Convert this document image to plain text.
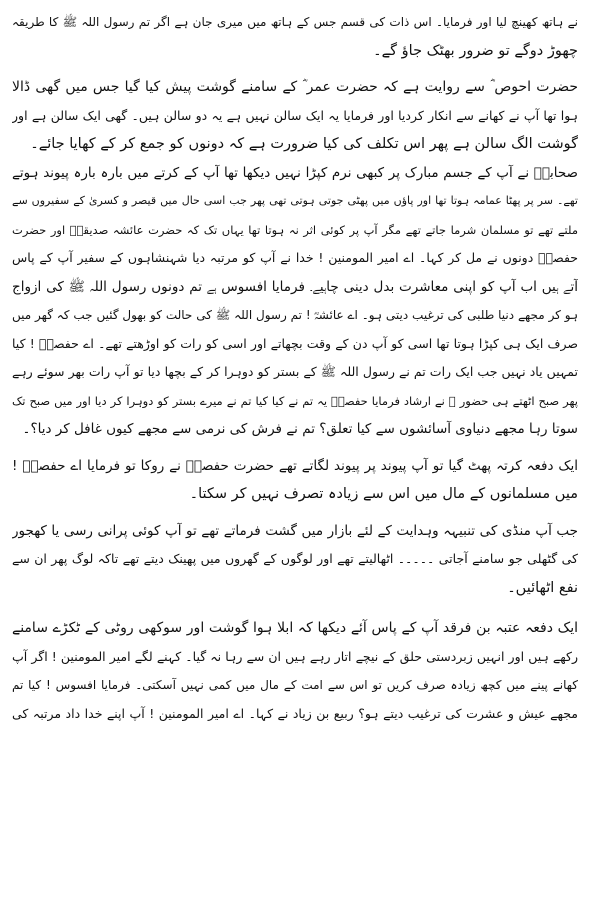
نے ہاتھ کھینچ لیا اور فرمایا۔ اس ذات کی قسم جس کے ہاتھ میں میری جان ہے اگر تم رسول اللہ ﷺ کا طریقہ
چھوڑ دوگے تو ضرور بھٹک جاؤ گے۔
حضرت احوص ؓ سے روایت ہے کہ حضرت عمر ؓ کے سامنے گوشت پیش کیا گیا جس میں گھی ڈالا
ہوا تھا آپ نے کھانے سے انکار کردیا اور فرمایا یہ ایک سالن نہیں ہے یہ دو سالن ہیں۔ گھی ایک سالن ہے اور
گوشت الگ سالن ہے پھر اس تکلف کی کیا ضرورت ہے کہ دونوں کو جمع کر کے کھایا جائے۔
صحابہؓ نے آپ کے جسم مبارک پر کبھی نرم کپڑا نہیں دیکھا تھا آپ کے کرتے میں بارہ بارہ پیوند ہوتے
تھے۔ سر پر پھٹا عمامہ ہوتا تھا اور پاؤں میں پھٹی جوتی ہوتی تھی پھر جب اسی حال میں قیصر و کسریٰ کے سفیروں سے
ملتے تھے تو مسلمان شرما جاتے تھے مگر آپ پر کوئی اثر نہ ہوتا تھا یہاں تک کہ حضرت عائشہ صدیقہؓ اور حضرت
حفصہؓ دونوں نے مل کر کہا۔ اے امیر المومنین ! خدا نے آپ کو مرتبہ دیا شہنشاہوں کے سفیر آپ کے پاس
آتے ہیں اب آپ کو اپنی معاشرت بدل دینی چاہیے۔ فرمایا افسوس ہے تم دونوں رسول اللہ ﷺ کی ازواج
ہو کر مجھے دنیا طلبی کی ترغیب دیتی ہو۔ اے عائشہؓ ! تم رسول اللہ ﷺ کی حالت کو بھول گئیں جب کہ گھر میں
صرف ایک ہی کپڑا ہوتا تھا اسی کو آپ دن کے وقت بچھاتے اور اسی کو رات کو اوڑھتے تھے۔ اے حفصہؓ ! کیا
تمہیں یاد نہیں جب ایک رات تم نے رسول اللہ ﷺ کے بستر کو دوہرا کر کے بچھا دیا تو آپ رات بھر سوئے رہے
پھر صبح اٹھتے ہی حضور ﷺ نے ارشاد فرمایا حفصہؓ یہ تم نے کیا کیا تم نے میرے بستر کو دوہرا کر دیا اور میں صبح تک
سوتا رہا مجھے دنیاوی آسائشوں سے کیا تعلق؟ تم نے فرش کی نرمی سے مجھے کیوں غافل کر دیا؟۔
ایک دفعہ کرتہ پھٹ گیا تو آپ پیوند پر پیوند لگاتے تھے حضرت حفصہؓ نے روکا تو فرمایا اے حفصہؓ !
میں مسلمانوں کے مال میں اس سے زیادہ تصرف نہیں کر سکتا۔
جب آپ منڈی کی تنبیہہ وہدایت کے لئے بازار میں گشت فرماتے تھے تو آپ کوئی پرانی رسی یا کھجور
کی گٹھلی جو سامنے آجاتی ۔۔۔۔۔ اٹھالیتے تھے اور لوگوں کے گھروں میں پھینک دیتے تھے تاکہ لوگ پھر ان سے
نفع اٹھائیں۔
ایک دفعہ عتبہ بن فرقد آپ کے پاس آئے دیکھا کہ ابلا ہوا گوشت اور سوکھی روٹی کے ٹکڑے سامنے
رکھے ہیں اور انہیں زبردستی حلق کے نیچے اتار رہے ہیں ان سے رہا نہ گیا۔ کہنے لگے امیر المومنین ! اگر آپ
کھانے پینے میں کچھ زیادہ صرف کریں تو اس سے امت کے مال میں کمی نہیں آسکتی۔ فرمایا افسوس ! کیا تم
مجھے عیش و عشرت کی ترغیب دیتے ہو؟ ربیع بن زیاد نے کہا۔ اے امیر المومنین ! آپ اپنے خدا داد مرتبہ کی
